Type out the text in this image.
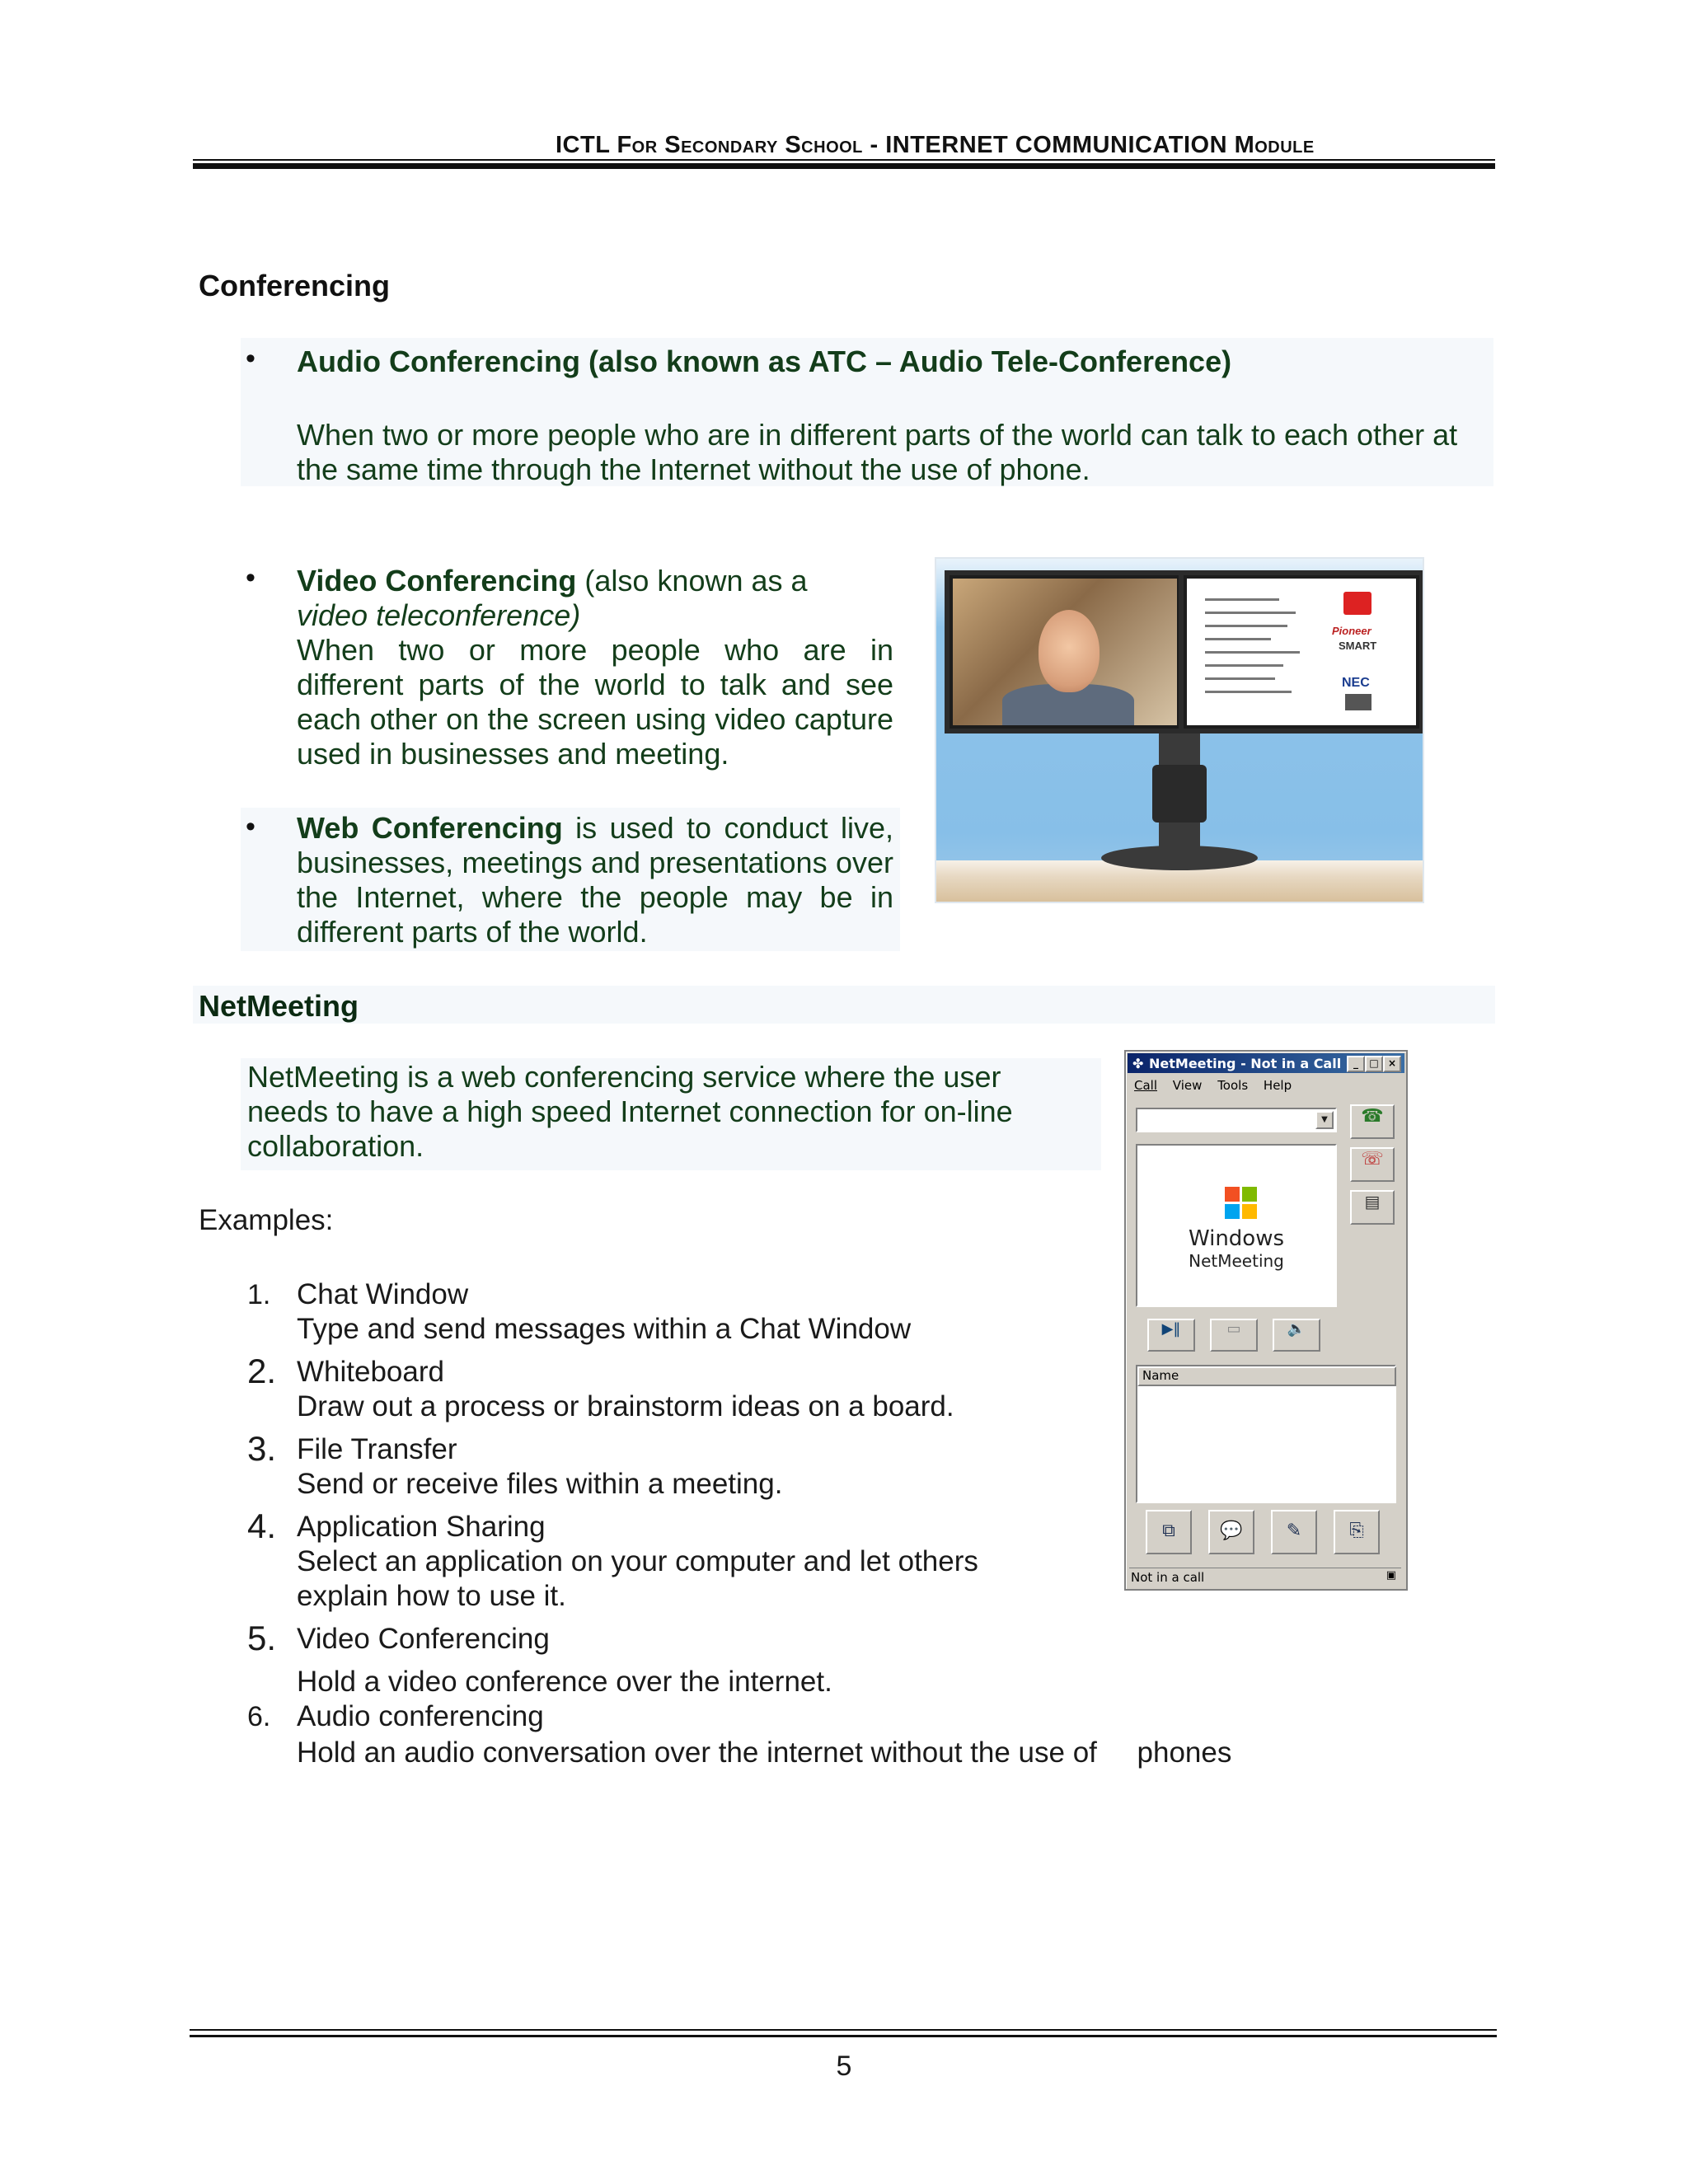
ICTL For Secondary School - INTERNET COMMUNICATION Module
Conferencing
• Audio Conferencing (also known as ATC – Audio Tele-Conference)
When two or more people who are in different parts of the world can talk to each other at the same time through the Internet without the use of phone.
• Video Conferencing (also known as a
video teleconference)
When two or more people who are in different parts of the world to talk and see each other on the screen using video capture used in businesses and meeting.
Pioneer
SMART
NEC
• Web Conferencing is used to conduct live, businesses, meetings and presentations over the Internet, where the people may be in different parts of the world.
NetMeeting
NetMeeting is a web conferencing service where the user needs to have a high speed Internet connection for on-line collaboration.
Examples:
1. Chat Window
Type and send messages within a Chat Window
2. Whiteboard
Draw out a process or brainstorm ideas on a board.
3. File Transfer
Send or receive files within a meeting.
4. Application Sharing
Select an application on your computer and let others explain how to use it.
5. Video Conferencing
Hold a video conference over the internet.
6. Audio conferencing
Hold an audio conversation over the internet without the use of     phones
✤ NetMeeting - Not in a Call	_	□ ×
Call View Tools Help
▼	☎
☏
▤
Windows
NetMeeting
▶‖	▭	🔈
Name
⧉	💬	✎	⎘
Not in a call	▣
5
